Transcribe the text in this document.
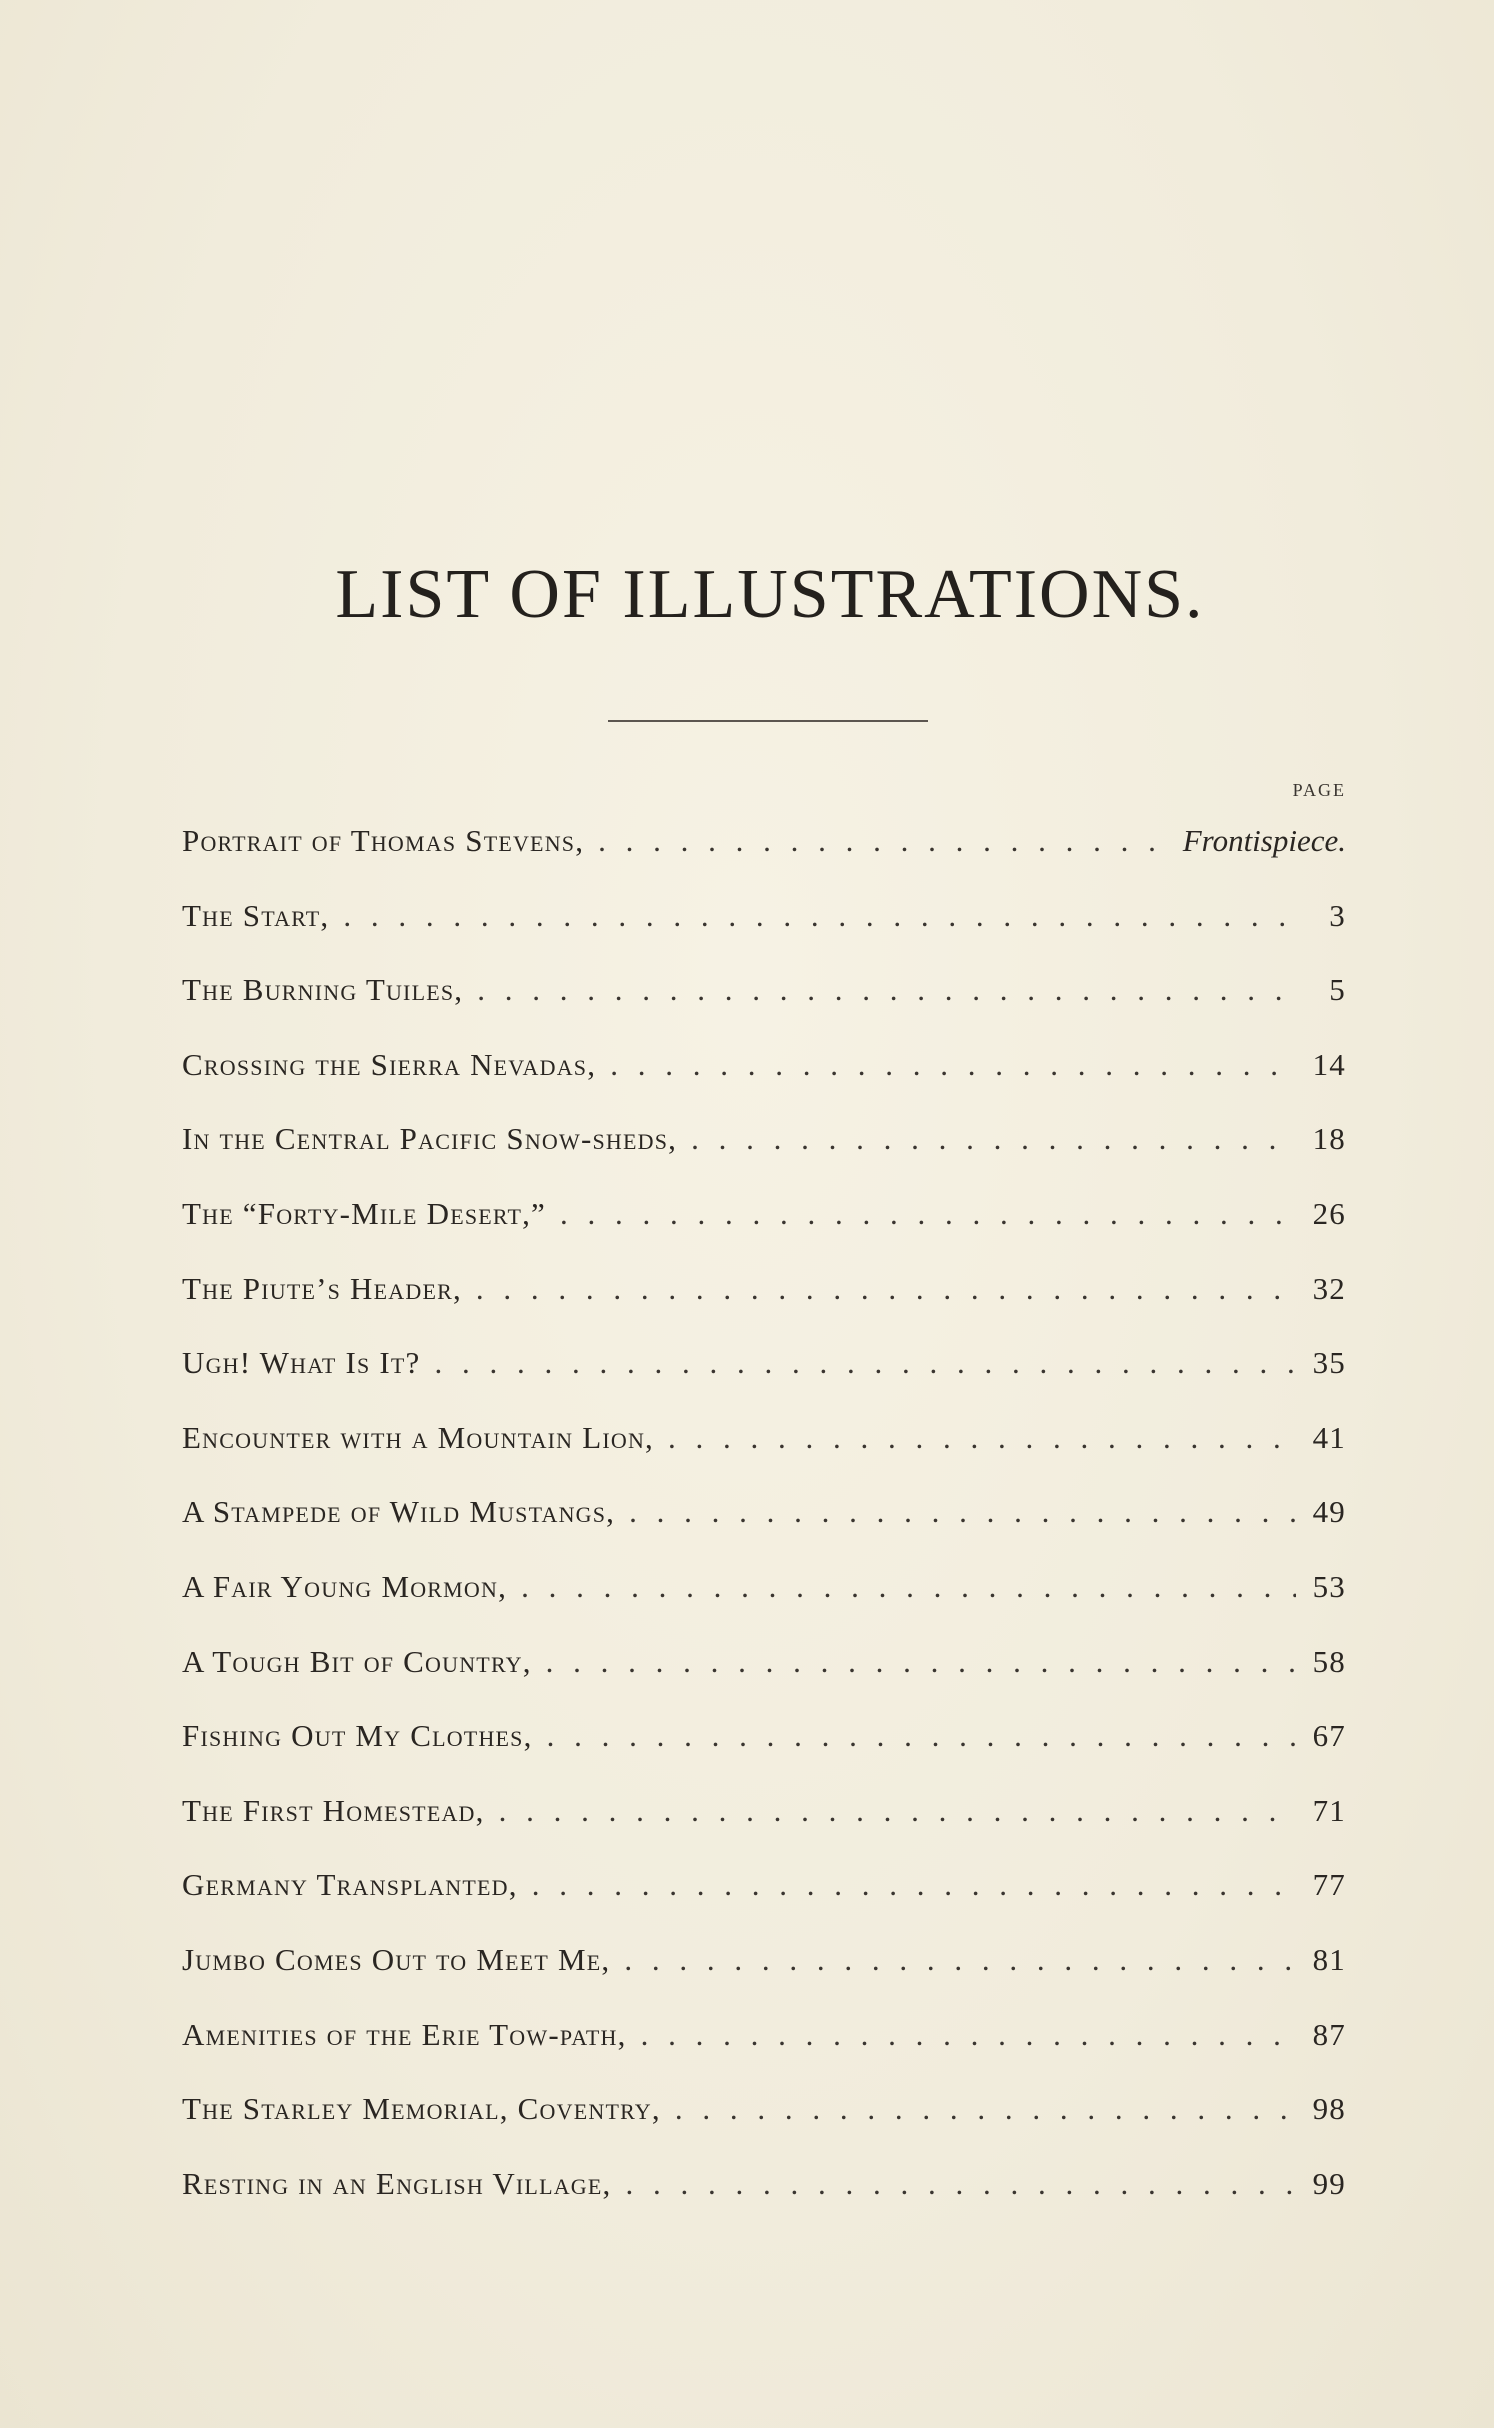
LIST OF ILLUSTRATIONS.
PAGE
Portrait of Thomas Stevens, . .	Frontispiece.
The Start, . .	3
The Burning Tuiles, . .	5
Crossing the Sierra Nevadas, . .	14
In the Central Pacific Snow-sheds, . .	18
The “Forty-Mile Desert,” . .	26
The Piute’s Header, . .	32
Ugh! What Is It? . .	35
Encounter with a Mountain Lion, . .	41
A Stampede of Wild Mustangs, . .	49
A Fair Young Mormon, . .	53
A Tough Bit of Country, . .	58
Fishing Out My Clothes, . .	67
The First Homestead, . .	71
Germany Transplanted, . .	77
Jumbo Comes Out to Meet Me, . .	81
Amenities of the Erie Tow-path, . .	87
The Starley Memorial, Coventry, . .	98
Resting in an English Village, . .	99
